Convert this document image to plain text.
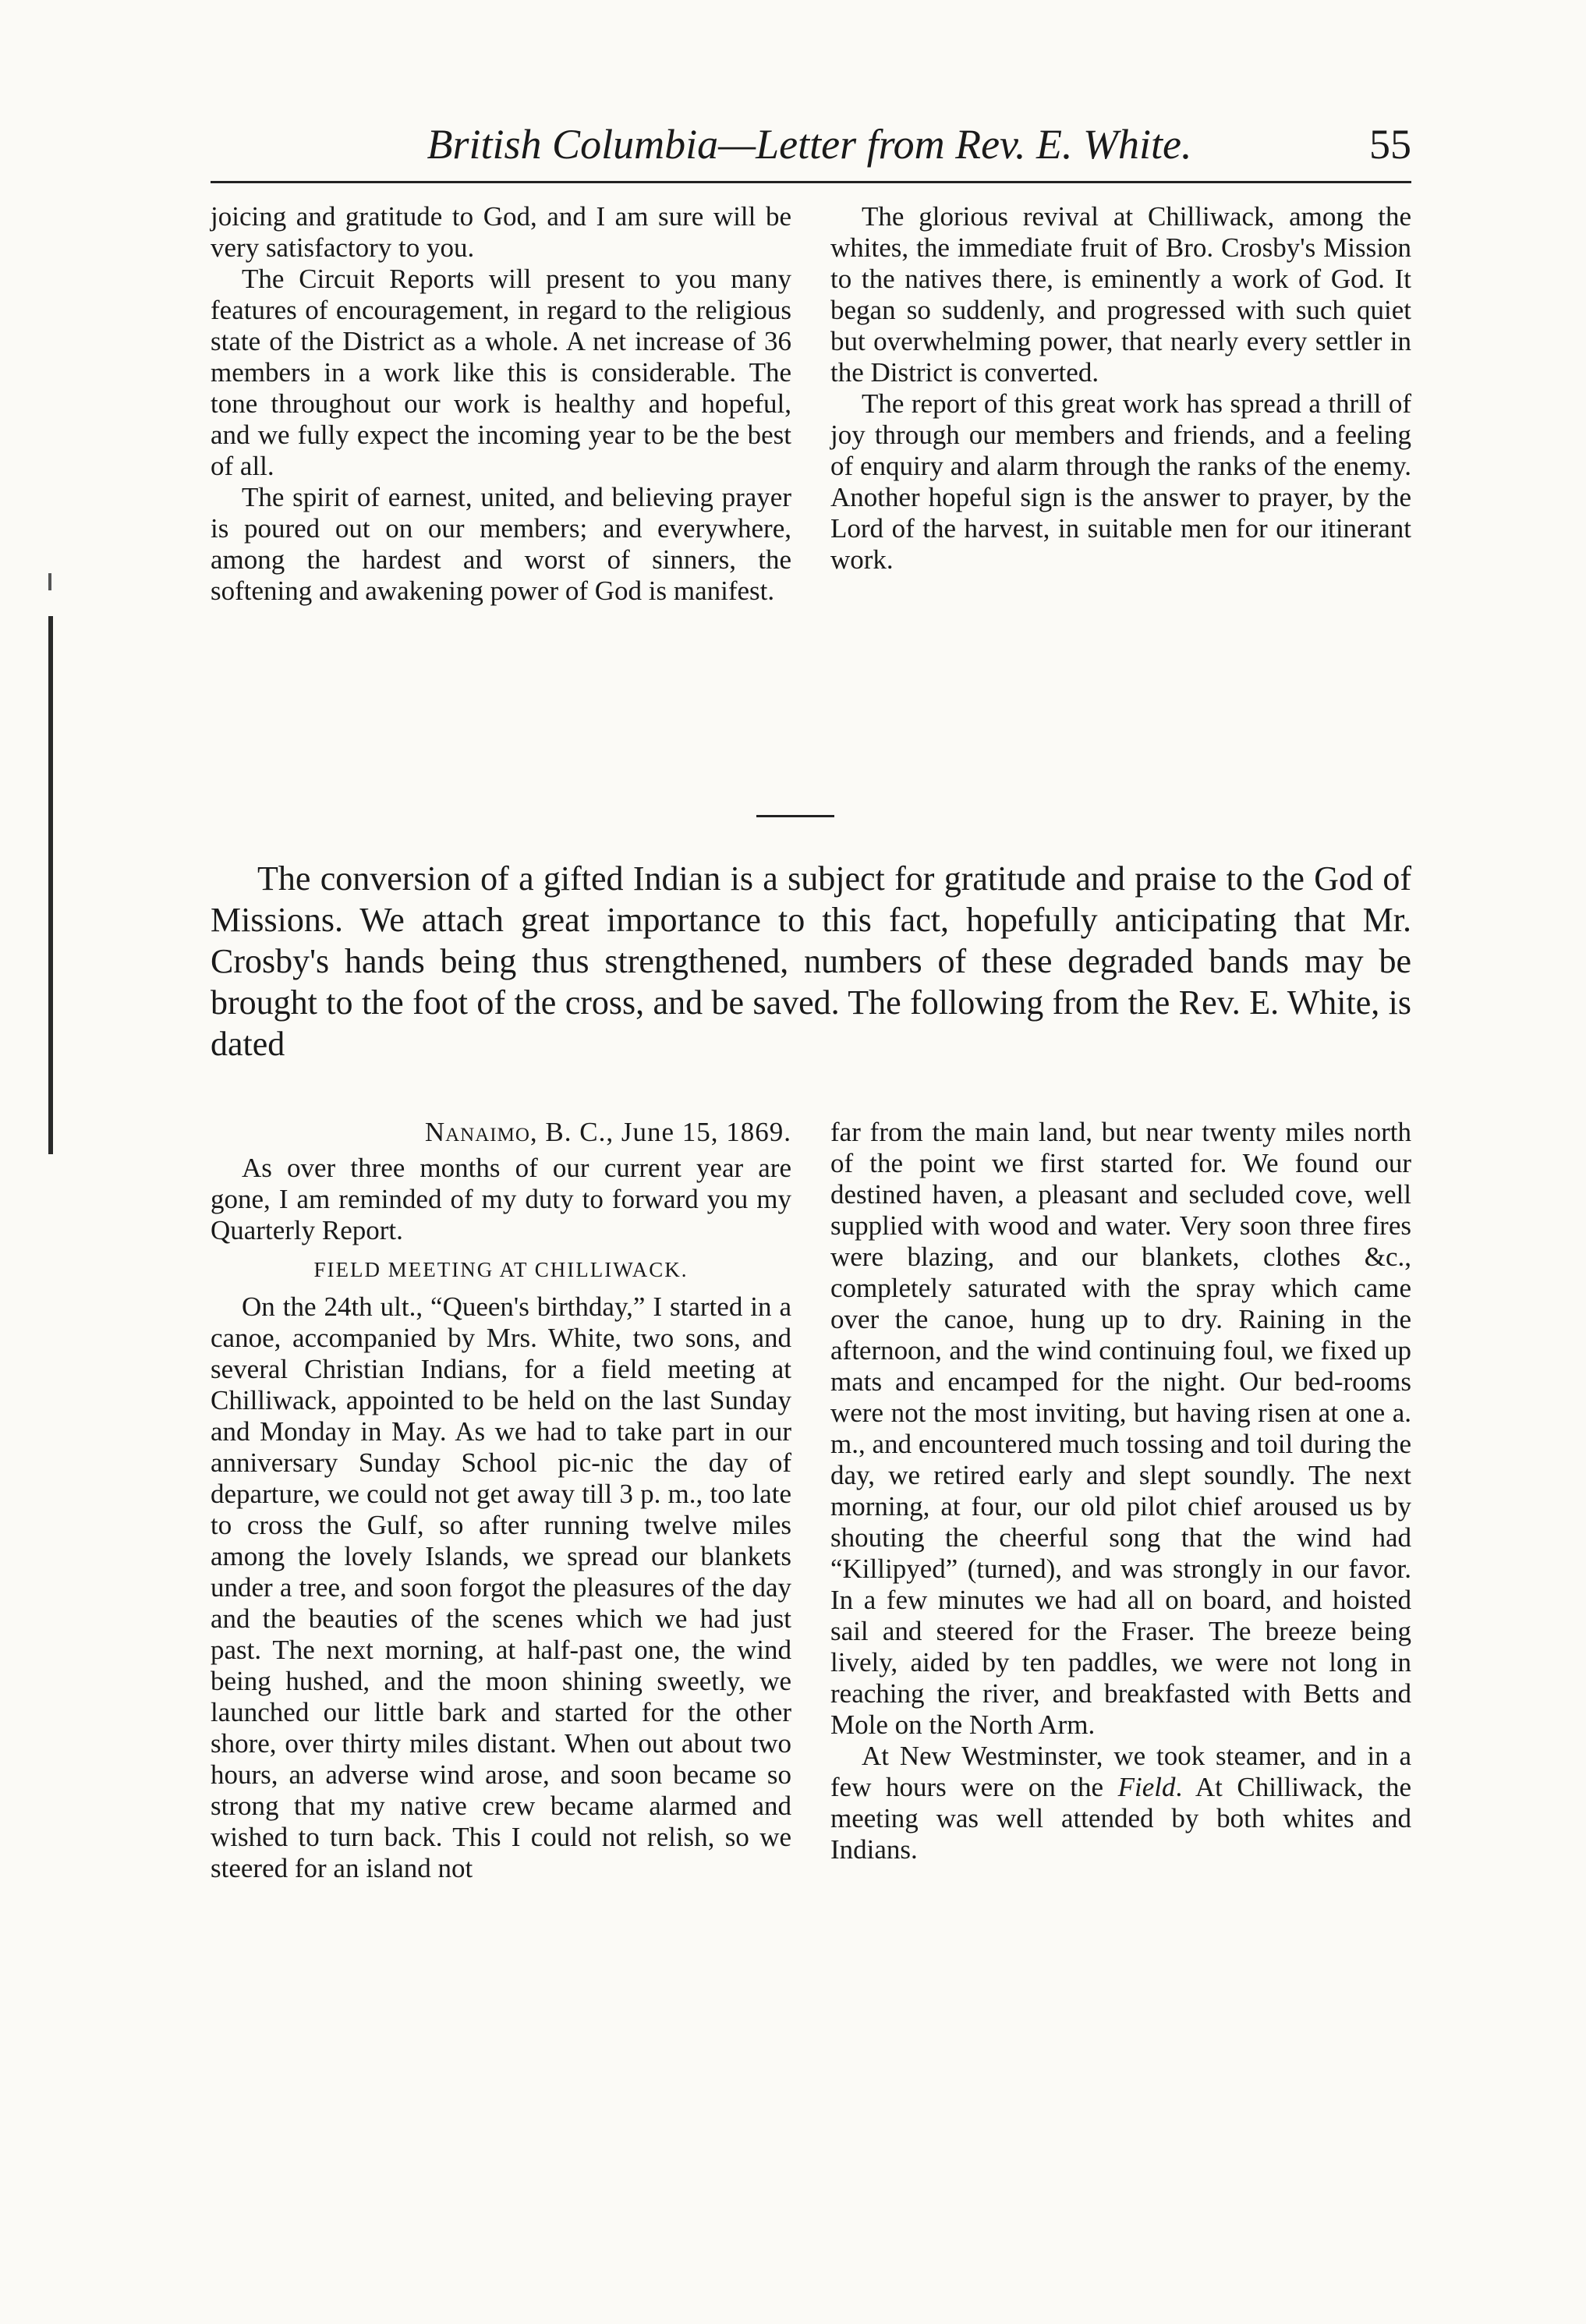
British Columbia—Letter from Rev. E. White.	55

joicing and gratitude to God, and I am sure will be very satisfactory to you.

The Circuit Reports will present to you many features of encouragement, in regard to the religious state of the District as a whole. A net increase of 36 members in a work like this is considerable. The tone throughout our work is healthy and hopeful, and we fully expect the incoming year to be the best of all.

The spirit of earnest, united, and believing prayer is poured out on our members; and everywhere, among the hardest and worst of sinners, the softening and awakening power of God is manifest.

The glorious revival at Chilliwack, among the whites, the immediate fruit of Bro. Crosby's Mission to the natives there, is eminently a work of God. It began so suddenly, and progressed with such quiet but overwhelming power, that nearly every settler in the District is converted.

The report of this great work has spread a thrill of joy through our members and friends, and a feeling of enquiry and alarm through the ranks of the enemy. Another hopeful sign is the answer to prayer, by the Lord of the harvest, in suitable men for our itinerant work.

The conversion of a gifted Indian is a subject for gratitude and praise to the God of Missions. We attach great importance to this fact, hopefully anticipating that Mr. Crosby's hands being thus strengthened, numbers of these degraded bands may be brought to the foot of the cross, and be saved. The following from the Rev. E. White, is dated

Nanaimo, B. C., June 15, 1869.

As over three months of our current year are gone, I am reminded of my duty to forward you my Quarterly Report.

FIELD MEETING AT CHILLIWACK.

On the 24th ult., “Queen's birthday,” I started in a canoe, accompanied by Mrs. White, two sons, and several Christian Indians, for a field meeting at Chilliwack, appointed to be held on the last Sunday and Monday in May. As we had to take part in our anniversary Sunday School pic-nic the day of departure, we could not get away till 3 p. m., too late to cross the Gulf, so after running twelve miles among the lovely Islands, we spread our blankets under a tree, and soon forgot the pleasures of the day and the beauties of the scenes which we had just past. The next morning, at half-past one, the wind being hushed, and the moon shining sweetly, we launched our little bark and started for the other shore, over thirty miles distant. When out about two hours, an adverse wind arose, and soon became so strong that my native crew became alarmed and wished to turn back. This I could not relish, so we steered for an island not

far from the main land, but near twenty miles north of the point we first started for. We found our destined haven, a pleasant and secluded cove, well supplied with wood and water. Very soon three fires were blazing, and our blankets, clothes &c., completely saturated with the spray which came over the canoe, hung up to dry. Raining in the afternoon, and the wind continuing foul, we fixed up mats and encamped for the night. Our bed-rooms were not the most inviting, but having risen at one a. m., and encountered much tossing and toil during the day, we retired early and slept soundly. The next morning, at four, our old pilot chief aroused us by shouting the cheerful song that the wind had “Killipyed” (turned), and was strongly in our favor. In a few minutes we had all on board, and hoisted sail and steered for the Fraser. The breeze being lively, aided by ten paddles, we were not long in reaching the river, and breakfasted with Betts and Mole on the North Arm.

At New Westminster, we took steamer, and in a few hours were on the Field. At Chilliwack, the meeting was well attended by both whites and Indians.
